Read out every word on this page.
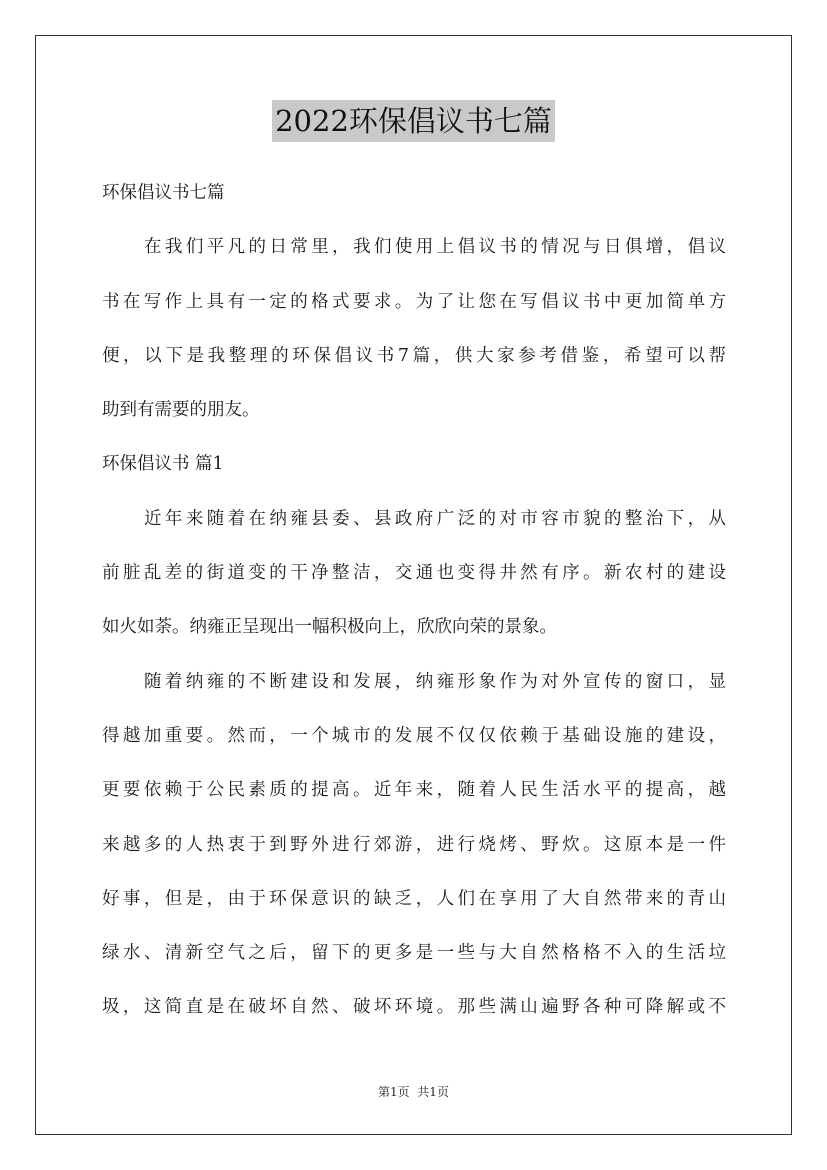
2022环保倡议书七篇
环保倡议书七篇
在我们平凡的日常里，我们使用上倡议书的情况与日俱增，倡议
书在写作上具有一定的格式要求。为了让您在写倡议书中更加简单方
便，以下是我整理的环保倡议书7篇，供大家参考借鉴，希望可以帮
助到有需要的朋友。
环保倡议书 篇1
近年来随着在纳雍县委、县政府广泛的对市容市貌的整治下，从
前脏乱差的街道变的干净整洁，交通也变得井然有序。新农村的建设
如火如荼。纳雍正呈现出一幅积极向上，欣欣向荣的景象。
随着纳雍的不断建设和发展，纳雍形象作为对外宣传的窗口，显
得越加重要。然而，一个城市的发展不仅仅依赖于基础设施的建设，
更要依赖于公民素质的提高。近年来，随着人民生活水平的提高，越
来越多的人热衷于到野外进行郊游，进行烧烤、野炊。这原本是一件
好事，但是，由于环保意识的缺乏，人们在享用了大自然带来的青山
绿水、清新空气之后，留下的更多是一些与大自然格格不入的生活垃
圾，这简直是在破坏自然、破坏环境。那些满山遍野各种可降解或不
第1页  共1页
